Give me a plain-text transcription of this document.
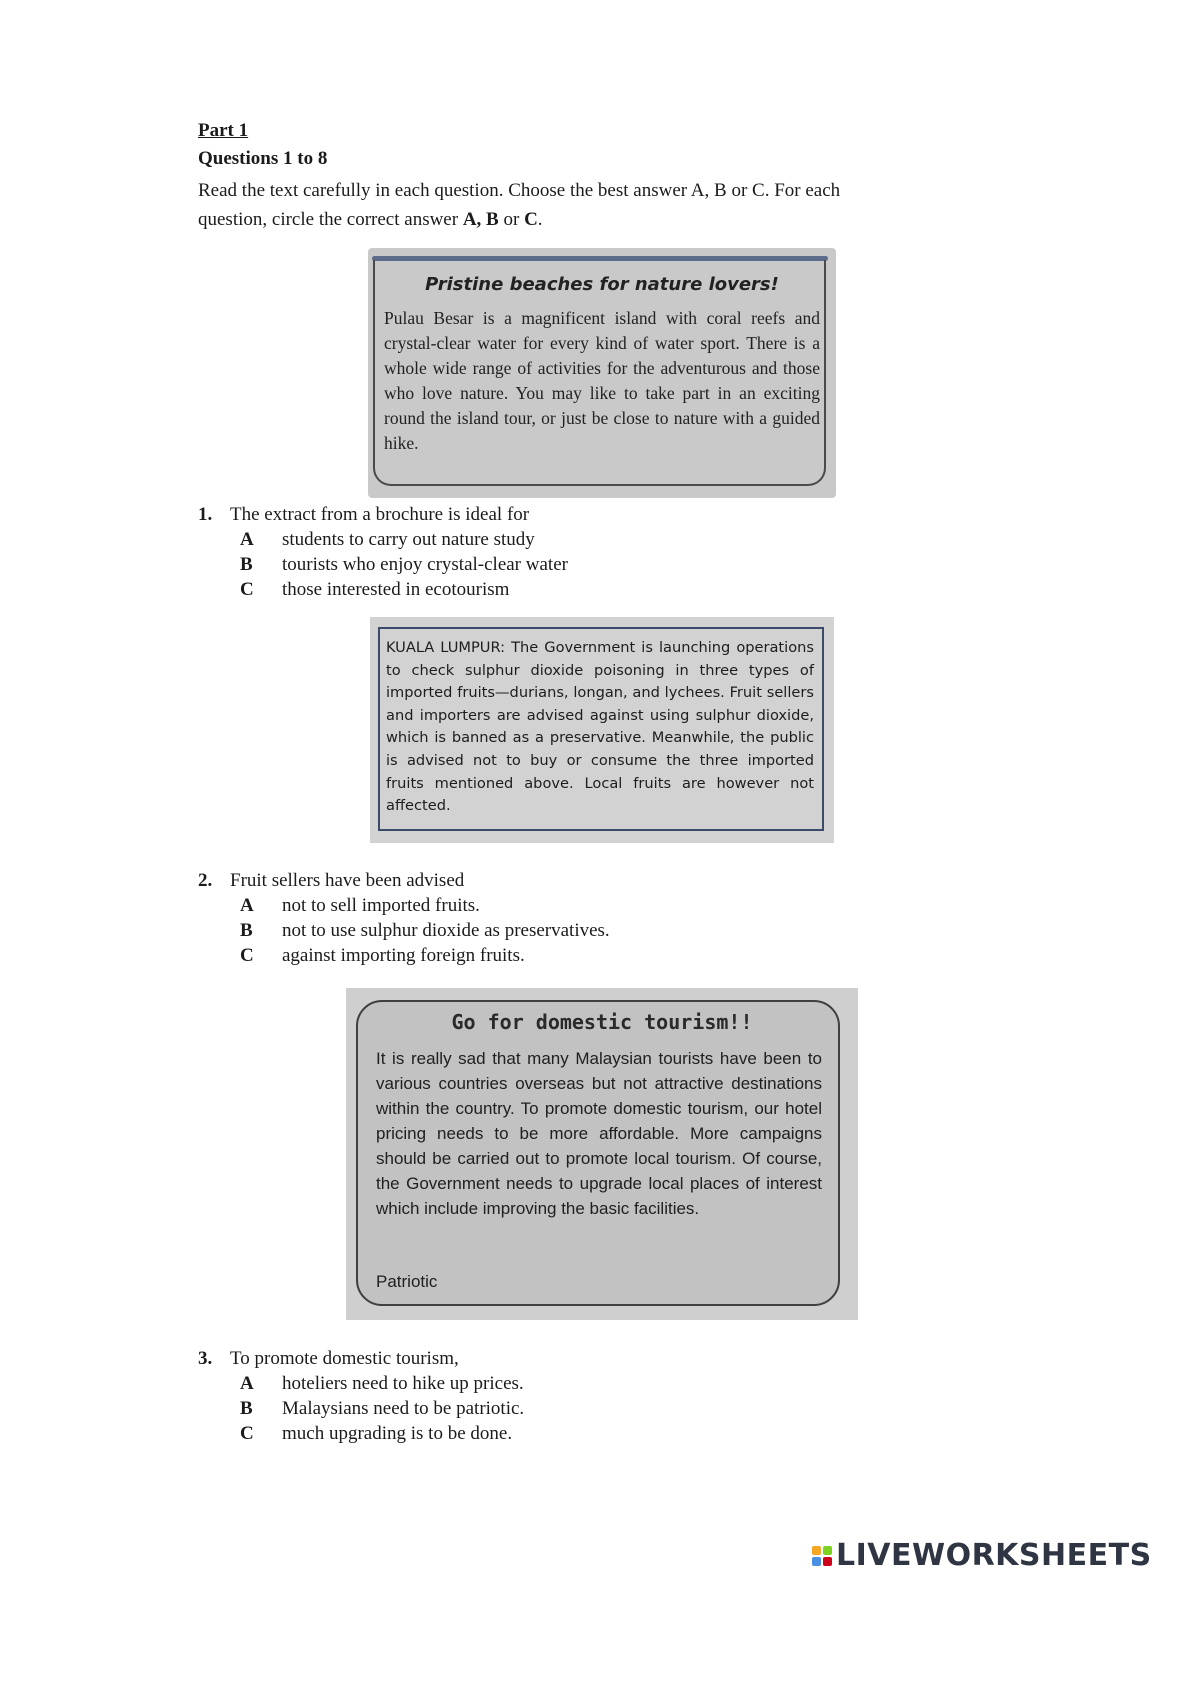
Part 1
Questions 1 to 8
Read the text carefully in each question. Choose the best answer A, B or C. For each
question, circle the correct answer A, B or C.
Pristine beaches for nature lovers!
Pulau Besar is a magnificent island with coral reefs and crystal-clear water for every kind of water sport. There is a whole wide range of activities for the adventurous and those who love nature. You may like to take part in an exciting round the island tour, or just be close to nature with a guided hike.
1. The extract from a brochure is ideal for
A students to carry out nature study
B tourists who enjoy crystal-clear water
C those interested in ecotourism
KUALA LUMPUR: The Government is launching operations to check sulphur dioxide poisoning in three types of imported fruits—durians, longan, and lychees. Fruit sellers and importers are advised against using sulphur dioxide, which is banned as a preservative. Meanwhile, the public is advised not to buy or consume the three imported fruits mentioned above. Local fruits are however not affected.
2. Fruit sellers have been advised
A not to sell imported fruits.
B not to use sulphur dioxide as preservatives.
C against importing foreign fruits.
Go for domestic tourism!!
It is really sad that many Malaysian tourists have been to various countries overseas but not attractive destinations within the country. To promote domestic tourism, our hotel pricing needs to be more affordable. More campaigns should be carried out to promote local tourism. Of course, the Government needs to upgrade local places of interest which include improving the basic facilities.
Patriotic
3. To promote domestic tourism,
A hoteliers need to hike up prices.
B Malaysians need to be patriotic.
C much upgrading is to be done.
LIVEWORKSHEETS
